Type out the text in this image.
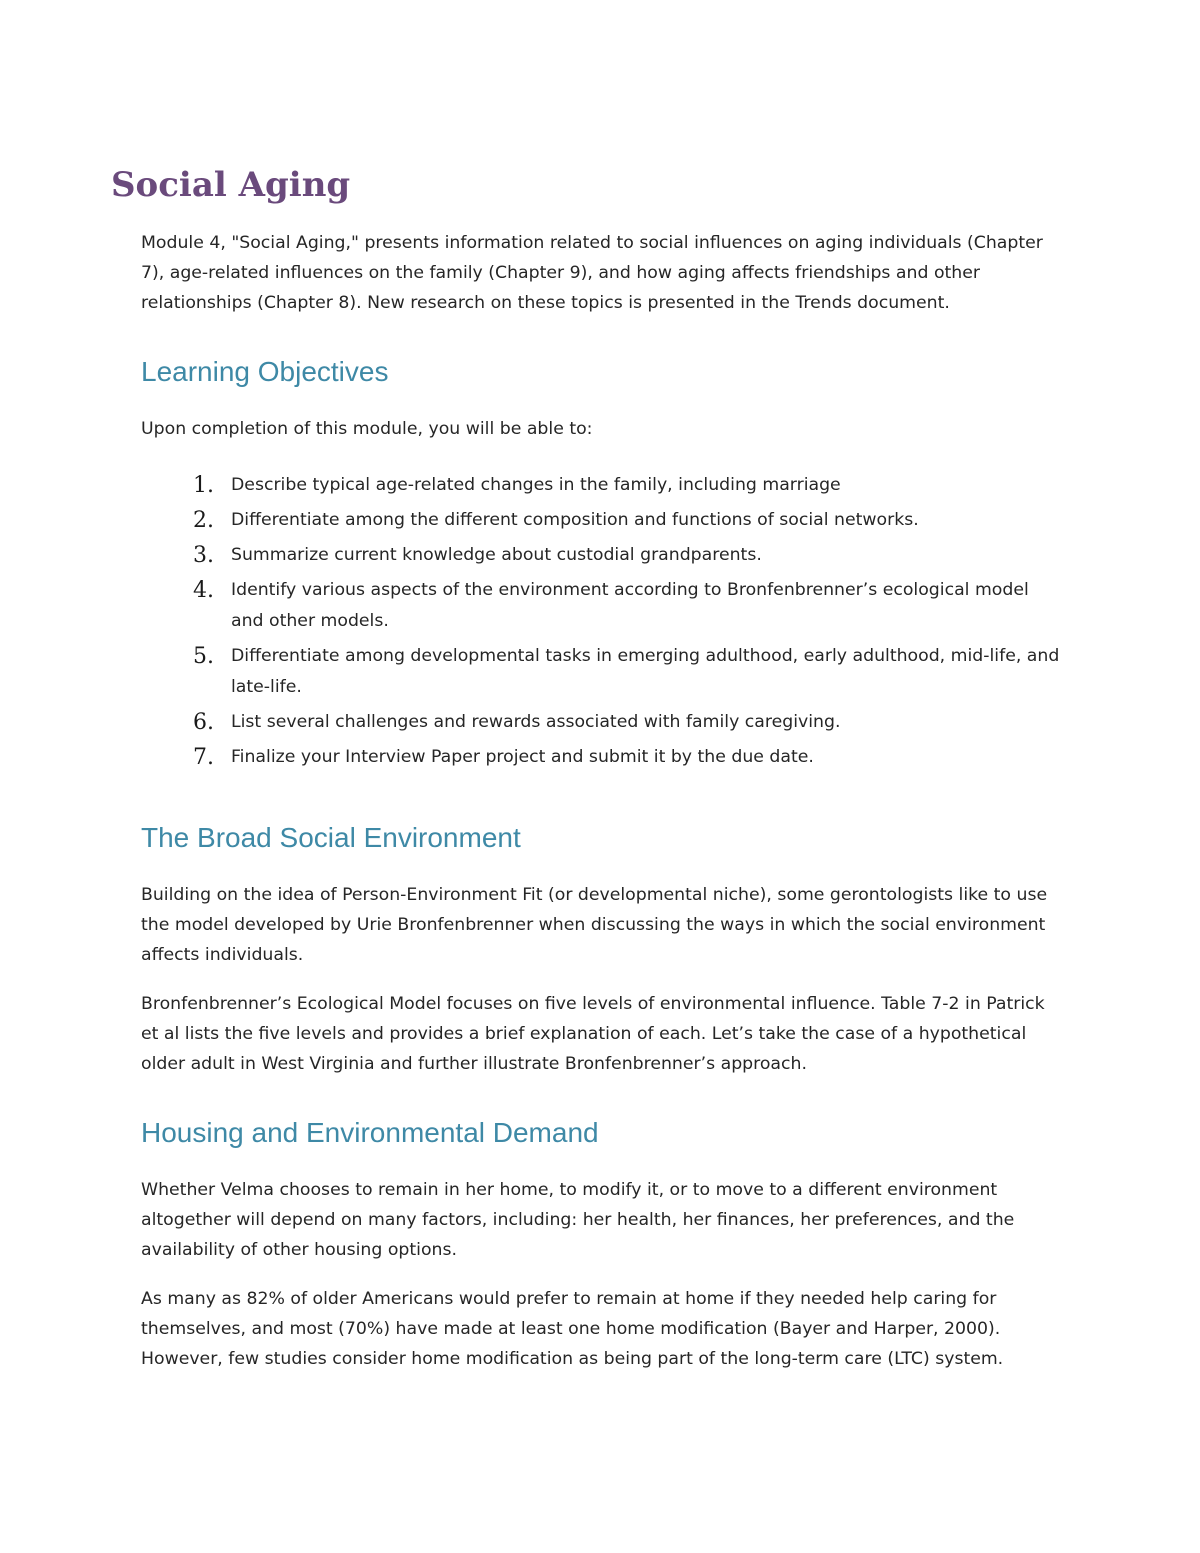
Social Aging

Module 4, "Social Aging," presents information related to social influences on aging individuals (Chapter 7), age-related influences on the family (Chapter 9), and how aging affects friendships and other relationships (Chapter 8). New research on these topics is presented in the Trends document.

Learning Objectives

Upon completion of this module, you will be able to:

1. Describe typical age-related changes in the family, including marriage
2. Differentiate among the different composition and functions of social networks.
3. Summarize current knowledge about custodial grandparents.
4. Identify various aspects of the environment according to Bronfenbrenner’s ecological model and other models.
5. Differentiate among developmental tasks in emerging adulthood, early adulthood, mid-life, and late-life.
6. List several challenges and rewards associated with family caregiving.
7. Finalize your Interview Paper project and submit it by the due date.
The Broad Social Environment

Building on the idea of Person-Environment Fit (or developmental niche), some gerontologists like to use the model developed by Urie Bronfenbrenner when discussing the ways in which the social environment affects individuals.

Bronfenbrenner’s Ecological Model focuses on five levels of environmental influence. Table 7-2 in Patrick et al lists the five levels and provides a brief explanation of each. Let’s take the case of a hypothetical older adult in West Virginia and further illustrate Bronfenbrenner’s approach.

Housing and Environmental Demand

Whether Velma chooses to remain in her home, to modify it, or to move to a different environment altogether will depend on many factors, including: her health, her finances, her preferences, and the availability of other housing options.

As many as 82% of older Americans would prefer to remain at home if they needed help caring for themselves, and most (70%) have made at least one home modification (Bayer and Harper, 2000). However, few studies consider home modification as being part of the long-term care (LTC) system.
